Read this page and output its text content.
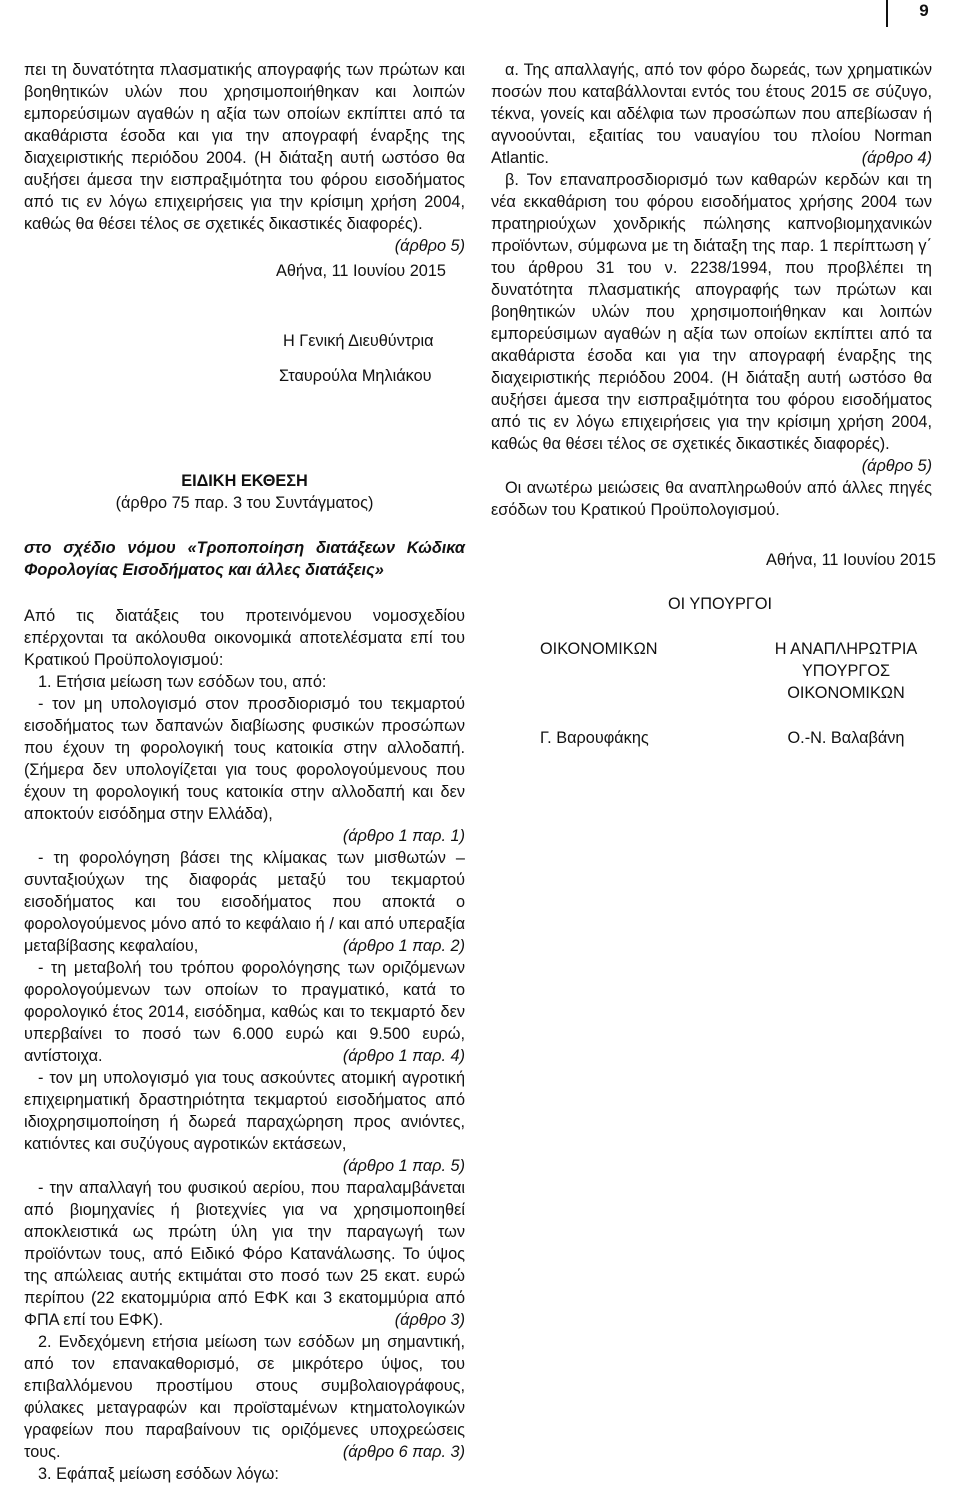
9

πει τη δυνατότητα πλασματικής απογραφής των πρώτων και βοηθητικών υλών που χρησιμοποιήθηκαν και λοιπών εμπορεύσιμων αγαθών η αξία των οποίων εκπίπτει από τα ακαθάριστα έσοδα και για την απογραφή έναρξης της διαχειριστικής περιόδου 2004. (Η διάταξη αυτή ωστόσο θα αυξήσει άμεσα την εισπραξιμότητα του φόρου εισοδήματος από τις εν λόγω επιχειρήσεις για την κρίσιμη χρήση 2004, καθώς θα θέσει τέλος σε σχετικές δικαστικές διαφορές).
(άρθρο 5)

Αθήνα, 11 Ιουνίου 2015
Η Γενική Διευθύντρια
Σταυρούλα Μηλιάκου
ΕΙΔΙΚΗ ΕΚΘΕΣΗ
(άρθρο 75 παρ. 3 του Συντάγματος)

στο σχέδιο νόμου «Τροποποίηση διατάξεων Κώδικα Φορολογίας Εισοδήματος και άλλες διατάξεις»

Από τις διατάξεις του προτεινόμενου νομοσχεδίου επέρχονται τα ακόλουθα οικονομικά αποτελέσματα επί του Κρατικού Προϋπολογισμού:

1. Ετήσια μείωση των εσόδων του, από:

- τον μη υπολογισμό στον προσδιορισμό του τεκμαρτού εισοδήματος των δαπανών διαβίωσης φυσικών προσώπων που έχουν τη φορολογική τους κατοικία στην αλλοδαπή. (Σήμερα δεν υπολογίζεται για τους φορολογούμενους που έχουν τη φορολογική τους κατοικία στην αλλοδαπή και δεν αποκτούν εισόδημα στην Ελλάδα),

(άρθρο 1 παρ. 1)

- τη φορολόγηση βάσει της κλίμακας των μισθωτών – συνταξιούχων της διαφοράς μεταξύ του τεκμαρτού εισοδήματος και του εισοδήματος που αποκτά ο φορολογούμενος μόνο από το κεφάλαιο ή / και από υπεραξία μεταβίβασης κεφαλαίου,	(άρθρο 1 παρ. 2)

- τη μεταβολή του τρόπου φορολόγησης των οριζόμενων φορολογούμενων των οποίων το πραγματικό, κατά το φορολογικό έτος 2014, εισόδημα, καθώς και το τεκμαρτό δεν υπερβαίνει το ποσό των 6.000 ευρώ και 9.500 ευρώ, αντίστοιχα.	(άρθρο 1 παρ. 4)

- τον μη υπολογισμό για τους ασκούντες ατομική αγροτική επιχειρηματική δραστηριότητα τεκμαρτού εισοδήματος από ιδιοχρησιμοποίηση ή δωρεά παραχώρηση προς ανιόντες, κατιόντες και συζύγους αγροτικών εκτάσεων,
(άρθρο 1 παρ. 5)

- την απαλλαγή του φυσικού αερίου, που παραλαμβάνεται από βιομηχανίες ή βιοτεχνίες για να χρησιμοποιηθεί αποκλειστικά ως πρώτη ύλη για την παραγωγή των προϊόντων τους, από Ειδικό Φόρο Κατανάλωσης. Το ύψος της απώλειας αυτής εκτιμάται στο ποσό των 25 εκατ. ευρώ περίπου (22 εκατομμύρια από ΕΦΚ και 3 εκατομμύρια από ΦΠΑ επί του ΕΦΚ).	(άρθρο 3)

2. Ενδεχόμενη ετήσια μείωση των εσόδων μη σημαντική, από τον επανακαθορισμό, σε μικρότερο ύψος, του επιβαλλόμενου προστίμου στους συμβολαιογράφους, φύλακες μεταγραφών και προϊσταμένων κτηματολογικών γραφείων που παραβαίνουν τις οριζόμενες υποχρεώσεις τους.	(άρθρο 6 παρ. 3)

3. Εφάπαξ μείωση εσόδων λόγω:

α. Της απαλλαγής, από τον φόρο δωρεάς, των χρηματικών ποσών που καταβάλλονται εντός του έτους 2015 σε σύζυγο, τέκνα, γονείς και αδέλφια των προσώπων που απεβίωσαν ή αγνοούνται, εξαιτίας του ναυαγίου του πλοίου Norman Atlantic.	(άρθρο 4)

β. Τον επαναπροσδιορισμό των καθαρών κερδών και τη νέα εκκαθάριση του φόρου εισοδήματος χρήσης 2004 των πρατηριούχων χονδρικής πώλησης καπνοβιομηχανικών προϊόντων, σύμφωνα με τη διάταξη της παρ. 1 περίπτωση γ΄ του άρθρου 31 του ν. 2238/1994, που προβλέπει τη δυνατότητα πλασματικής απογραφής των πρώτων και βοηθητικών υλών που χρησιμοποιήθηκαν και λοιπών εμπορεύσιμων αγαθών η αξία των οποίων εκπίπτει από τα ακαθάριστα έσοδα και για την απογραφή έναρξης της διαχειριστικής περιόδου 2004. (Η διάταξη αυτή ωστόσο θα αυξήσει άμεσα την εισπραξιμότητα του φόρου εισοδήματος από τις εν λόγω επιχειρήσεις για την κρίσιμη χρήση 2004, καθώς θα θέσει τέλος σε σχετικές δικαστικές διαφορές).
(άρθρο 5)

Οι ανωτέρω μειώσεις θα αναπληρωθούν από άλλες πηγές εσόδων του Κρατικού Προϋπολογισμού.

Αθήνα, 11 Ιουνίου 2015
ΟΙ ΥΠΟΥΡΓΟΙ
ΟΙΚΟΝΟΜΙΚΩΝ	Η ΑΝΑΠΛΗΡΩΤΡΙΑ
ΥΠΟΥΡΓΟΣ
ΟΙΚΟΝΟΜΙΚΩΝ
Γ. Βαρουφάκης	Ο.-Ν. Βαλαβάνη
